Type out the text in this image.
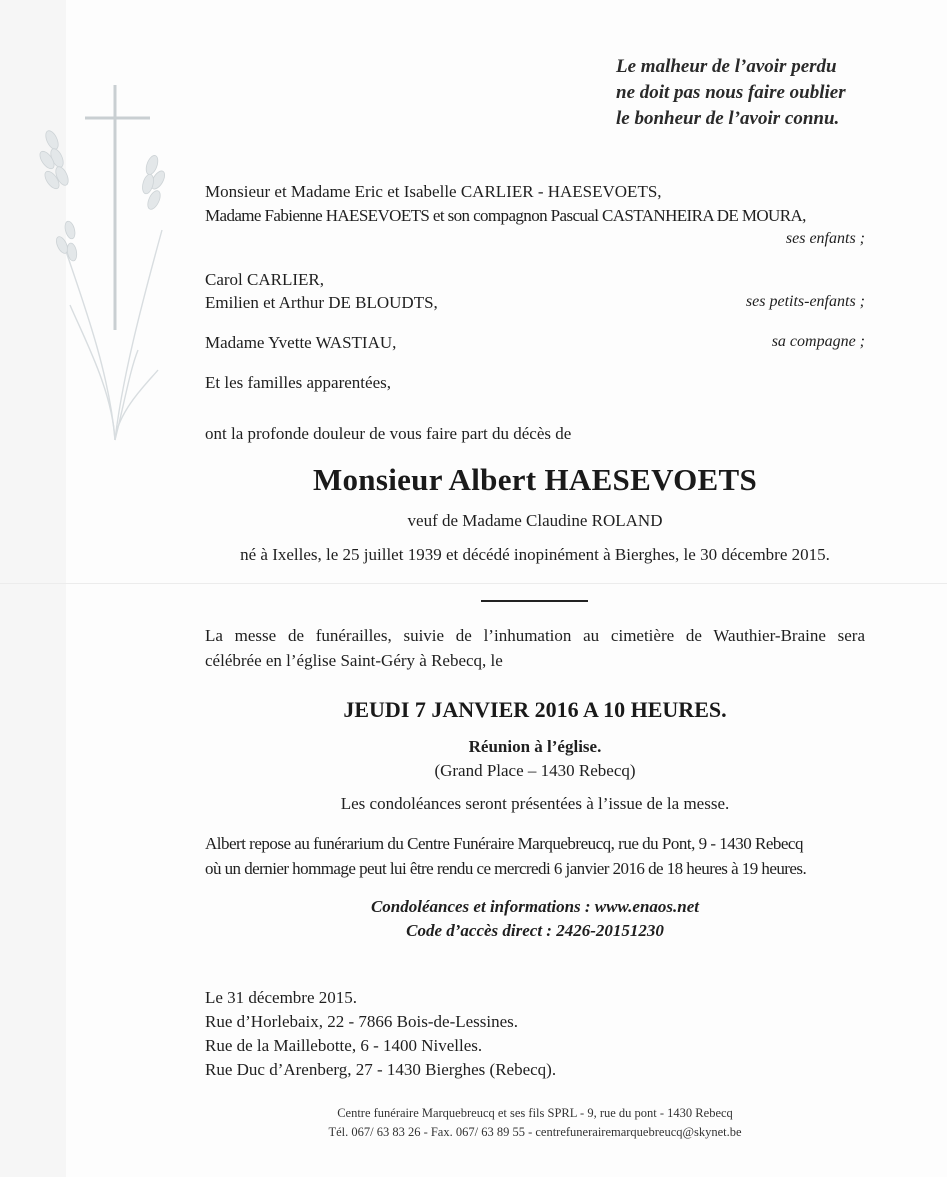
Le malheur de l’avoir perdu
ne doit pas nous faire oublier
le bonheur de l’avoir connu.
Monsieur et Madame Eric et Isabelle CARLIER - HAESEVOETS,
Madame Fabienne HAESEVOETS et son compagnon Pascual CASTANHEIRA DE MOURA,
ses enfants ;
Carol CARLIER,
Emilien et Arthur DE BLOUDTS,	ses petits-enfants ;
Madame Yvette WASTIAU,	sa compagne ;
Et les familles apparentées,
ont la profonde douleur de vous faire part du décès de
Monsieur Albert HAESEVOETS
veuf de Madame Claudine ROLAND
né à Ixelles, le 25 juillet 1939 et décédé inopinément à Bierghes, le 30 décembre 2015.
La messe de funérailles, suivie de l’inhumation au cimetière de Wauthier-Braine sera
célébrée en l’église Saint-Géry à Rebecq, le
JEUDI 7 JANVIER 2016 A 10 HEURES.
Réunion à l’église.
(Grand Place – 1430 Rebecq)
Les condoléances seront présentées à l’issue de la messe.
Albert repose au funérarium du Centre Funéraire Marquebreucq, rue du Pont, 9 - 1430 Rebecq
où un dernier hommage peut lui être rendu ce mercredi 6 janvier 2016 de 18 heures à 19 heures.
Condoléances et informations : www.enaos.net
Code d’accès direct : 2426-20151230
Le 31 décembre 2015.
Rue d’Horlebaix, 22 - 7866 Bois-de-Lessines.
Rue de la Maillebotte, 6 - 1400 Nivelles.
Rue Duc d’Arenberg, 27 - 1430 Bierghes (Rebecq).
Centre funéraire Marquebreucq et ses fils SPRL - 9, rue du pont - 1430 Rebecq
Tél. 067/ 63 83 26 - Fax. 067/ 63 89 55 - centrefunerairemarquebreucq@skynet.be
